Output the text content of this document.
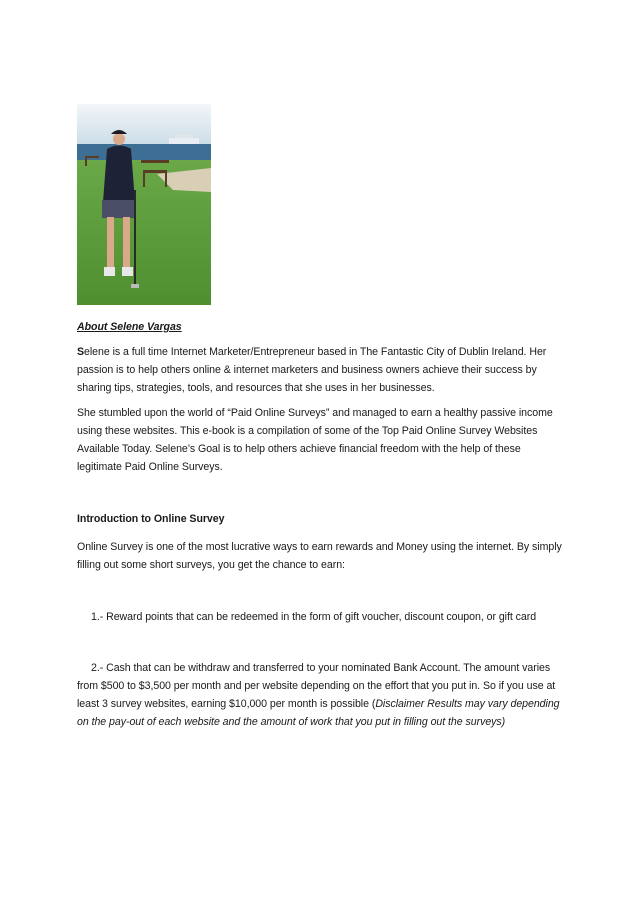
About Selene Vargas
Selene is a full time Internet Marketer/Entrepreneur based in The Fantastic City of Dublin Ireland. Her passion is to help others online & internet marketers and business owners achieve their success by sharing tips, strategies, tools, and resources that she uses in her businesses.
She stumbled upon the world of “Paid Online Surveys” and managed to earn a healthy passive income using these websites. This e-book is a compilation of some of the Top Paid Online Survey Websites Available Today. Selene’s Goal is to help others achieve financial freedom with the help of these legitimate Paid Online Surveys.
Introduction to Online Survey
Online Survey is one of the most lucrative ways to earn rewards and Money using the internet. By simply filling out some short surveys, you get the chance to earn:
1.- Reward points that can be redeemed in the form of gift voucher, discount coupon, or gift card
2.- Cash that can be withdraw and transferred to your nominated Bank Account. The amount varies from $500 to $3,500 per month and per website depending on the effort that you put in. So if you use at least 3 survey websites, earning $10,000 per month is possible (Disclaimer Results may vary depending on the pay-out of each website and the amount of work that you put in filling out the surveys)
